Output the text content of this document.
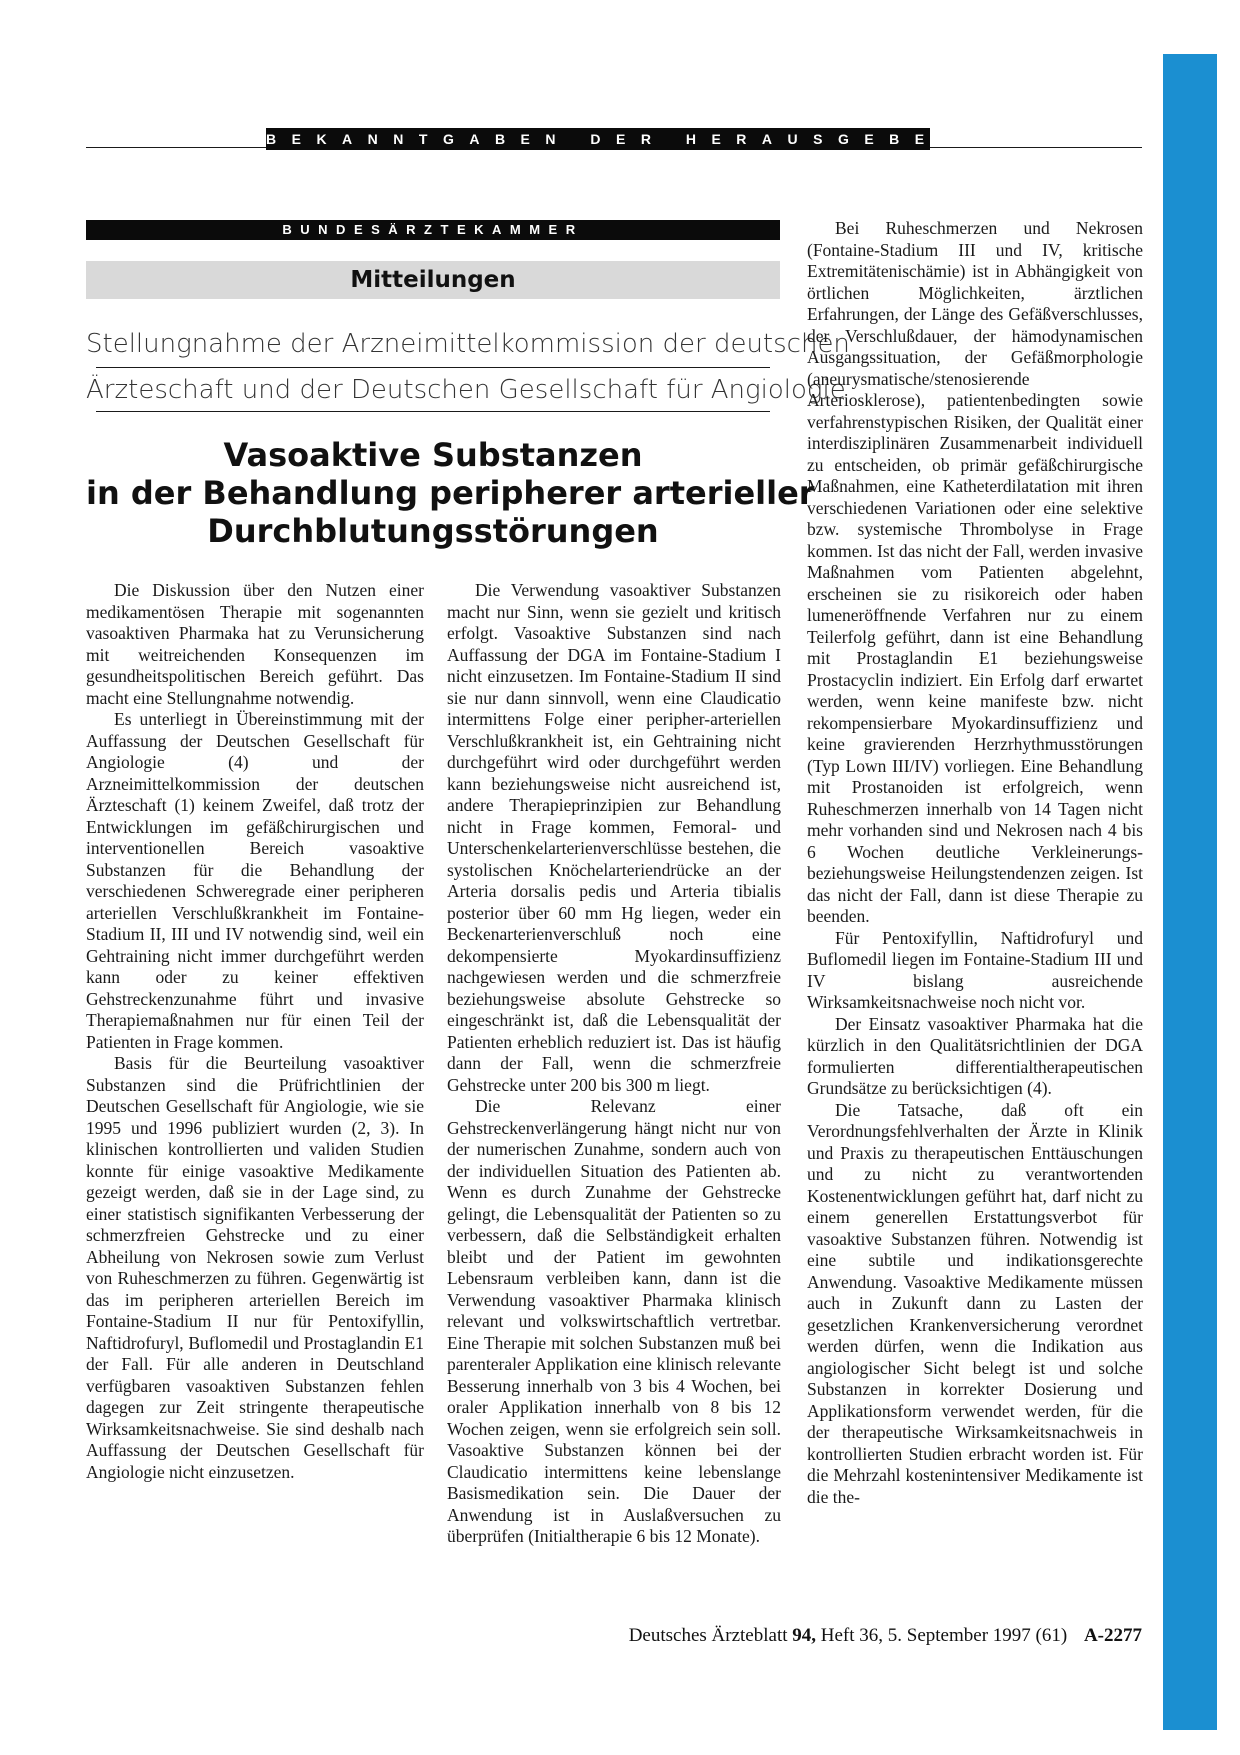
BEKANNTGABEN DER HERAUSGEBER
BUNDESÄRZTEKAMMER
Mitteilungen
Stellungnahme der Arzneimittelkommission der deutschen
Ärzteschaft und der Deutschen Gesellschaft für Angiologie
Vasoaktive Substanzen
in der Behandlung peripherer arterieller
Durchblutungsstörungen

Die Diskussion über den Nutzen einer medikamentösen Therapie mit sogenannten vasoaktiven Pharmaka hat zu Verunsicherung mit weitreichenden Konsequenzen im gesundheitspolitischen Bereich geführt. Das macht eine Stellungnahme notwendig.

Es unterliegt in Übereinstimmung mit der Auffassung der Deutschen Gesellschaft für Angiologie (4) und der Arzneimittelkommission der deutschen Ärzteschaft (1) keinem Zweifel, daß trotz der Entwicklungen im gefäßchirurgischen und interventionellen Bereich vasoaktive Substanzen für die Behandlung der verschiedenen Schweregrade einer peripheren arteriellen Verschlußkrankheit im Fontaine-Stadium II, III und IV notwendig sind, weil ein Gehtraining nicht immer durchgeführt werden kann oder zu keiner effektiven Gehstreckenzunahme führt und invasive Therapiemaßnahmen nur für einen Teil der Patienten in Frage kommen.

Basis für die Beurteilung vasoaktiver Substanzen sind die Prüfrichtlinien der Deutschen Gesellschaft für Angiologie, wie sie 1995 und 1996 publiziert wurden (2, 3). In klinischen kontrollierten und validen Studien konnte für einige vasoaktive Medikamente gezeigt werden, daß sie in der Lage sind, zu einer statistisch signifikanten Verbesserung der schmerzfreien Gehstrecke und zu einer Abheilung von Nekrosen sowie zum Verlust von Ruheschmerzen zu führen. Gegenwärtig ist das im peripheren arteriellen Bereich im Fontaine-Stadium II nur für Pentoxifyllin, Naftidrofuryl, Buflomedil und Prostaglandin E1 der Fall. Für alle anderen in Deutschland verfügbaren vasoaktiven Substanzen fehlen dagegen zur Zeit stringente therapeutische Wirksamkeitsnachweise. Sie sind deshalb nach Auffassung der Deutschen Gesellschaft für Angiologie nicht einzusetzen.

Die Verwendung vasoaktiver Substanzen macht nur Sinn, wenn sie gezielt und kritisch erfolgt. Vasoaktive Substanzen sind nach Auffassung der DGA im Fontaine-Stadium I nicht einzusetzen. Im Fontaine-Stadium II sind sie nur dann sinnvoll, wenn eine Claudicatio intermittens Folge einer peripher-arteriellen Verschlußkrankheit ist, ein Gehtraining nicht durchgeführt wird oder durchgeführt werden kann beziehungsweise nicht ausreichend ist, andere Therapieprinzipien zur Behandlung nicht in Frage kommen, Femoral- und Unterschenkelarterienverschlüsse bestehen, die systolischen Knöchelarteriendrücke an der Arteria dorsalis pedis und Arteria tibialis posterior über 60 mm Hg liegen, weder ein Beckenarterienverschluß noch eine dekompensierte Myokardinsuffizienz nachgewiesen werden und die schmerzfreie beziehungsweise absolute Gehstrecke so eingeschränkt ist, daß die Lebensqualität der Patienten erheblich reduziert ist. Das ist häufig dann der Fall, wenn die schmerzfreie Gehstrecke unter 200 bis 300 m liegt.

Die Relevanz einer Gehstreckenverlängerung hängt nicht nur von der numerischen Zunahme, sondern auch von der individuellen Situation des Patienten ab. Wenn es durch Zunahme der Gehstrecke gelingt, die Lebensqualität der Patienten so zu verbessern, daß die Selbständigkeit erhalten bleibt und der Patient im gewohnten Lebensraum verbleiben kann, dann ist die Verwendung vasoaktiver Pharmaka klinisch relevant und volkswirtschaftlich vertretbar. Eine Therapie mit solchen Substanzen muß bei parenteraler Applikation eine klinisch relevante Besserung innerhalb von 3 bis 4 Wochen, bei oraler Applikation innerhalb von 8 bis 12 Wochen zeigen, wenn sie erfolgreich sein soll. Vasoaktive Substanzen können bei der Claudicatio intermittens keine lebenslange Basismedikation sein. Die Dauer der Anwendung ist in Auslaßversuchen zu überprüfen (Initialtherapie 6 bis 12 Monate).

Bei Ruheschmerzen und Nekrosen (Fontaine-Stadium III und IV, kritische Extremitätenischämie) ist in Abhängigkeit von örtlichen Möglichkeiten, ärztlichen Erfahrungen, der Länge des Gefäßverschlusses, der Verschlußdauer, der hämodynamischen Ausgangssituation, der Gefäßmorphologie (aneurysmatische/stenosierende Arteriosklerose), patientenbedingten sowie verfahrenstypischen Risiken, der Qualität einer interdisziplinären Zusammenarbeit individuell zu entscheiden, ob primär gefäßchirurgische Maßnahmen, eine Katheterdilatation mit ihren verschiedenen Variationen oder eine selektive bzw. systemische Thrombolyse in Frage kommen. Ist das nicht der Fall, werden invasive Maßnahmen vom Patienten abgelehnt, erscheinen sie zu risikoreich oder haben lumeneröffnende Verfahren nur zu einem Teilerfolg geführt, dann ist eine Behandlung mit Prostaglandin E1 beziehungsweise Prostacyclin indiziert. Ein Erfolg darf erwartet werden, wenn keine manifeste bzw. nicht rekompensierbare Myokardinsuffizienz und keine gravierenden Herzrhythmusstörungen (Typ Lown III/IV) vorliegen. Eine Behandlung mit Prostanoiden ist erfolgreich, wenn Ruheschmerzen innerhalb von 14 Tagen nicht mehr vorhanden sind und Nekrosen nach 4 bis 6 Wochen deutliche Verkleinerungs- beziehungsweise Heilungstendenzen zeigen. Ist das nicht der Fall, dann ist diese Therapie zu beenden.

Für Pentoxifyllin, Naftidrofuryl und Buflomedil liegen im Fontaine-Stadium III und IV bislang ausreichende Wirksamkeitsnachweise noch nicht vor.

Der Einsatz vasoaktiver Pharmaka hat die kürzlich in den Qualitätsrichtlinien der DGA formulierten differentialtherapeutischen Grundsätze zu berücksichtigen (4).

Die Tatsache, daß oft ein Verordnungsfehlverhalten der Ärzte in Klinik und Praxis zu therapeutischen Enttäuschungen und zu nicht zu verantwortenden Kostenentwicklungen geführt hat, darf nicht zu einem generellen Erstattungsverbot für vasoaktive Substanzen führen. Notwendig ist eine subtile und indikationsgerechte Anwendung. Vasoaktive Medikamente müssen auch in Zukunft dann zu Lasten der gesetzlichen Krankenversicherung verordnet werden dürfen, wenn die Indikation aus angiologischer Sicht belegt ist und solche Substanzen in korrekter Dosierung und Applikationsform verwendet werden, für die der therapeutische Wirksamkeitsnachweis in kontrollierten Studien erbracht worden ist. Für die Mehrzahl kostenintensiver Medikamente ist die the-

Deutsches Ärzteblatt 94, Heft 36, 5. September 1997 (61) A-2277
